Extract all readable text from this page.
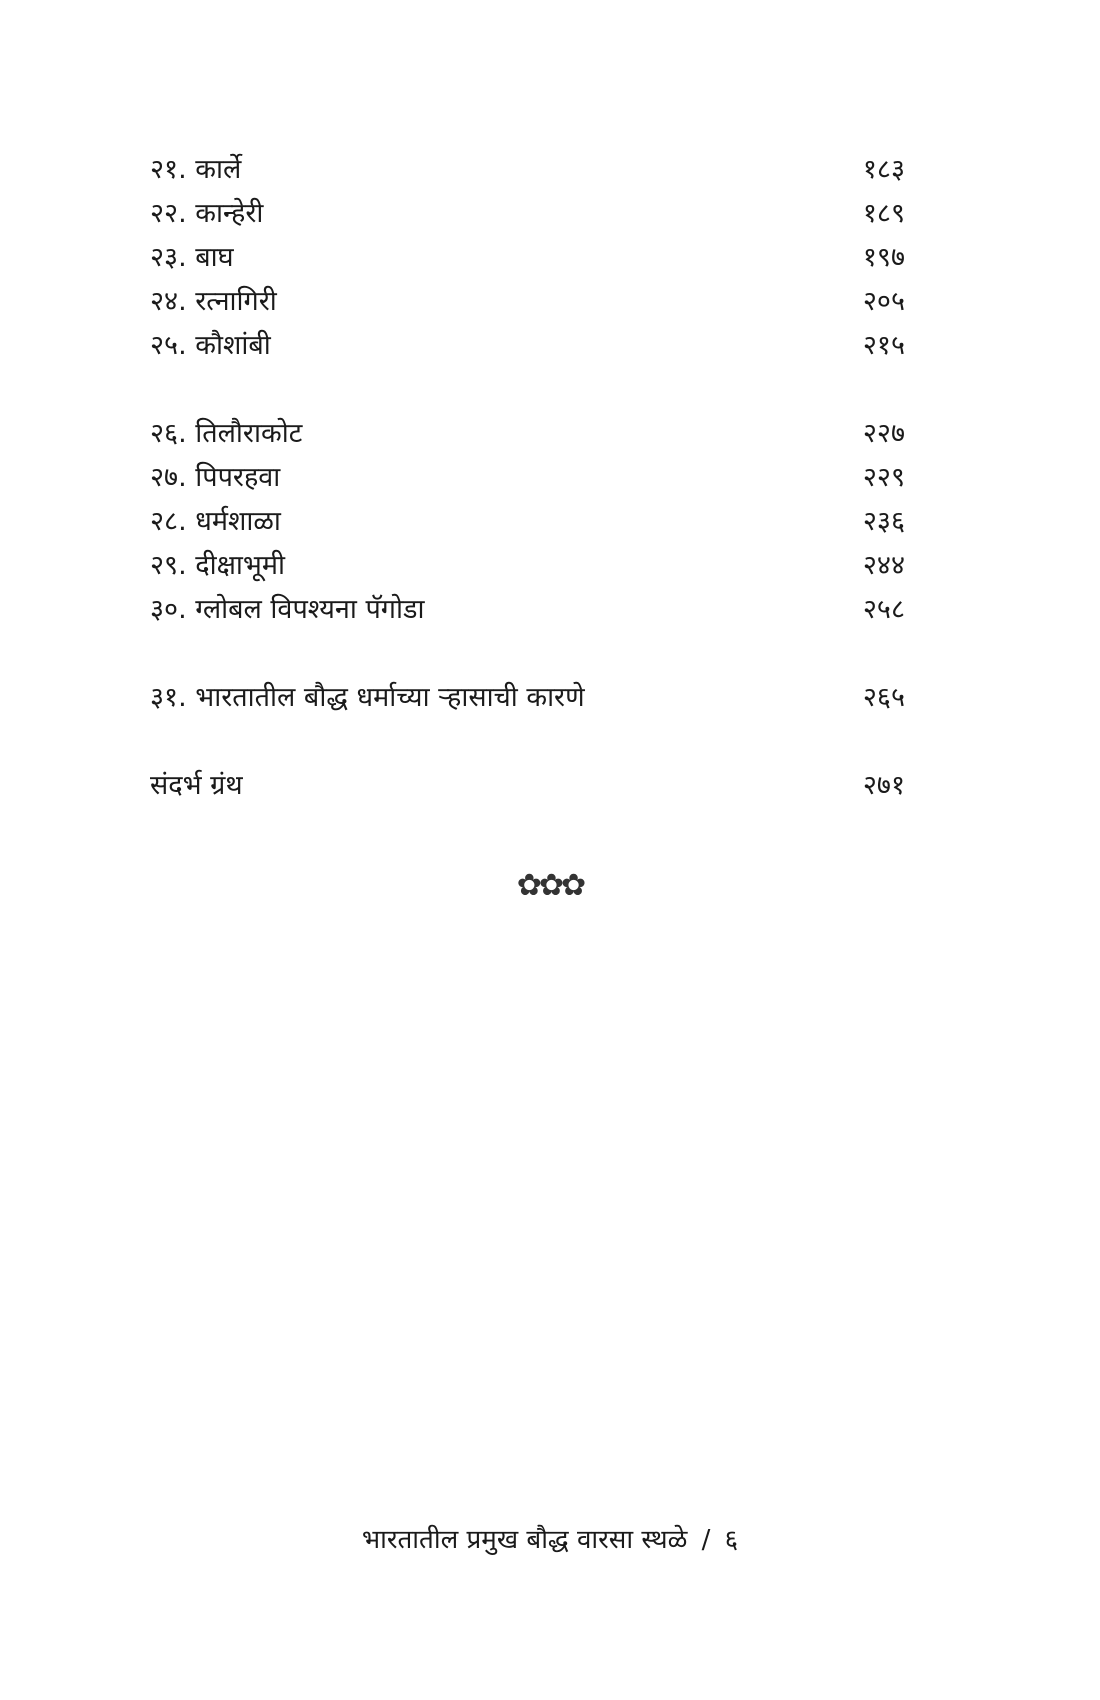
२१. कार्ले	१८३
२२. कान्हेरी	१८९
२३. बाघ	१९७
२४. रत्नागिरी	२०५
२५. कौशांबी	२१५
२६. तिलौराकोट	२२७
२७. पिपरहवा	२२९
२८. धर्मशाळा	२३६
२९. दीक्षाभूमी	२४४
३०. ग्लोबल विपश्यना पॅगोडा	२५८
३१. भारतातील बौद्ध धर्माच्या ऱ्हासाची कारणे	२६५
संदर्भ ग्रंथ	२७१
✿✿✿
भारतातील प्रमुख बौद्ध वारसा स्थळे / ६
